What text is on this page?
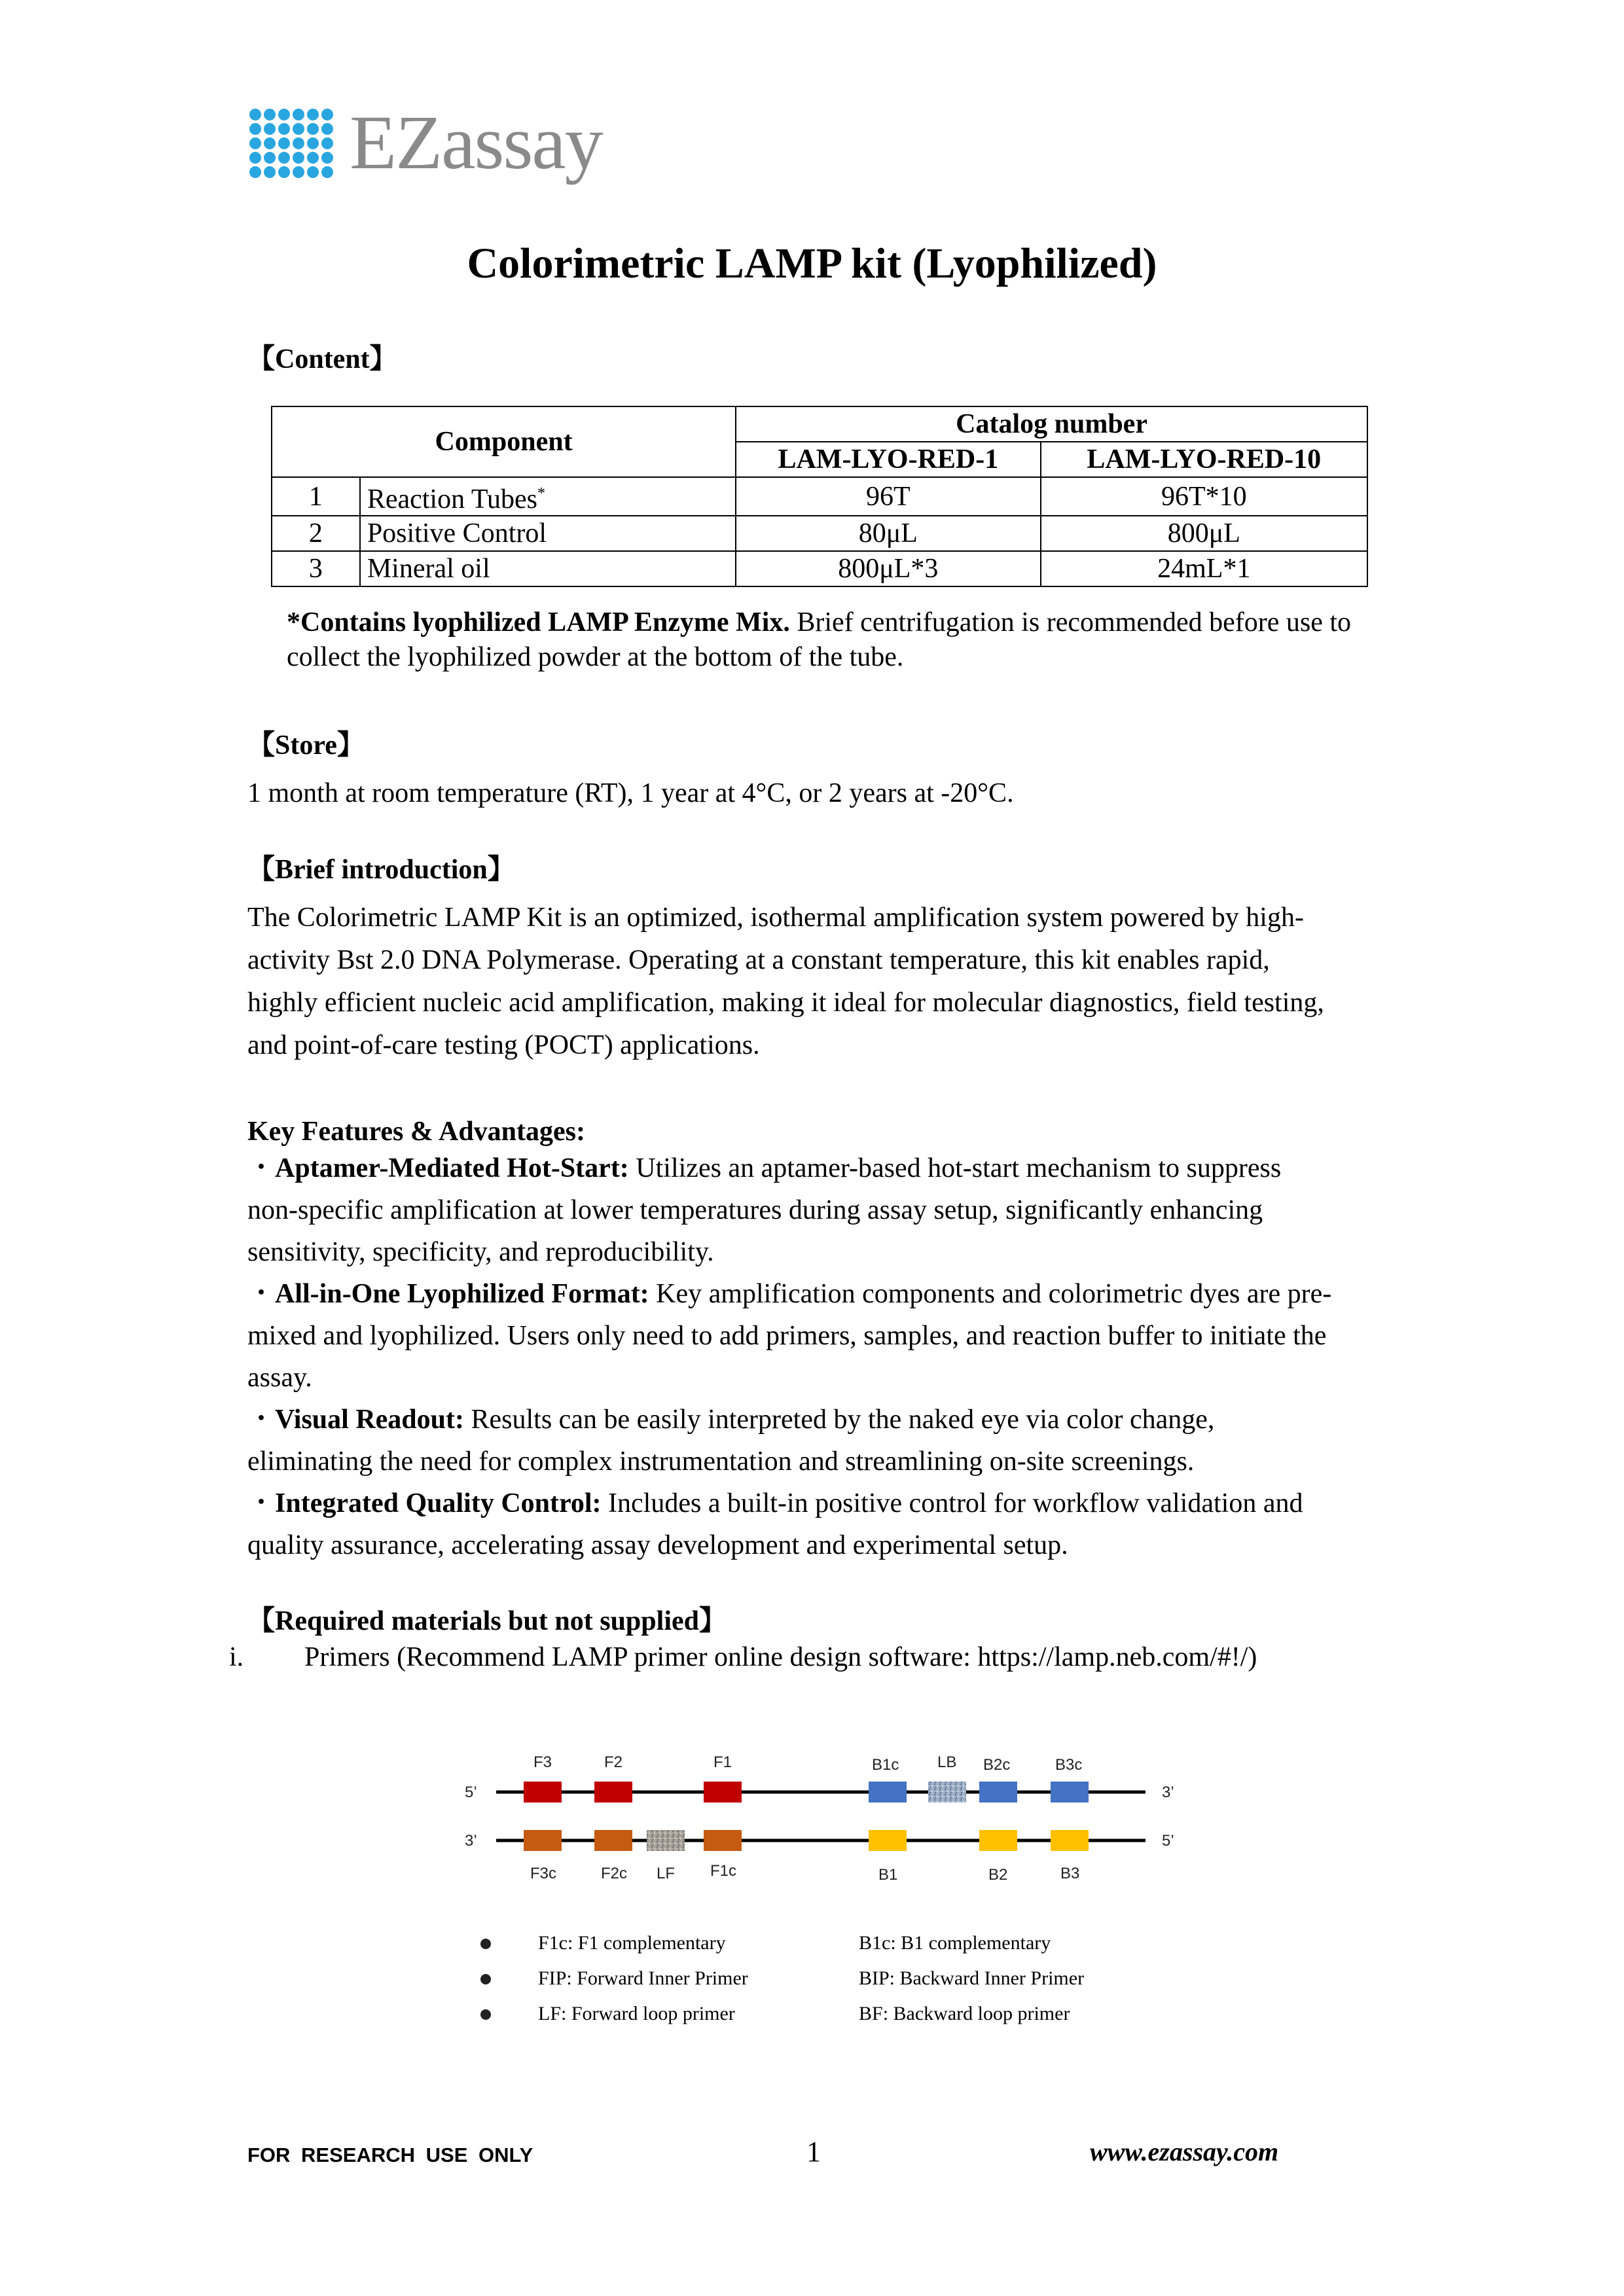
EZassay
Colorimetric LAMP kit (Lyophilized)
【Content】
Component		Catalog number	
		LAM-LYO-RED-1	LAM-LYO-RED-10
1	Reaction Tubes*	96T	96T*10
2	Positive Control	80μL	800μL
3	Mineral oil	800μL*3	24mL*1
*Contains lyophilized LAMP Enzyme Mix. Brief centrifugation is recommended before use to collect the lyophilized powder at the bottom of the tube.
【Store】
1 month at room temperature (RT), 1 year at 4°C, or 2 years at -20°C.
【Brief introduction】
The Colorimetric LAMP Kit is an optimized, isothermal amplification system powered by high-
activity Bst 2.0 DNA Polymerase. Operating at a constant temperature, this kit enables rapid,
highly efficient nucleic acid amplification, making it ideal for molecular diagnostics, field testing,
and point-of-care testing (POCT) applications.
Key Features & Advantages:
・Aptamer-Mediated Hot-Start: Utilizes an aptamer-based hot-start mechanism to suppress
non-specific amplification at lower temperatures during assay setup, significantly enhancing
sensitivity, specificity, and reproducibility.
・All-in-One Lyophilized Format: Key amplification components and colorimetric dyes are pre-
mixed and lyophilized. Users only need to add primers, samples, and reaction buffer to initiate the
assay.
・Visual Readout: Results can be easily interpreted by the naked eye via color change,
eliminating the need for complex instrumentation and streamlining on-site screenings.
・Integrated Quality Control: Includes a built-in positive control for workflow validation and
quality assurance, accelerating assay development and experimental setup.
【Required materials but not supplied】
i. Primers (Recommend LAMP primer online design software: https://lamp.neb.com/#!/)
5’	3’
F3	F2	F1	B1c LB B2c	B3c
3’	5’
F3c	F2c LF F1c	B1	B2	B3
F1c: F1 complementary
FIP: Forward Inner Primer
LF: Forward loop primer
B1c: B1 complementary
BIP: Backward Inner Primer
BF: Backward loop primer
FOR RESEARCH USE ONLY	1	www.ezassay.com
